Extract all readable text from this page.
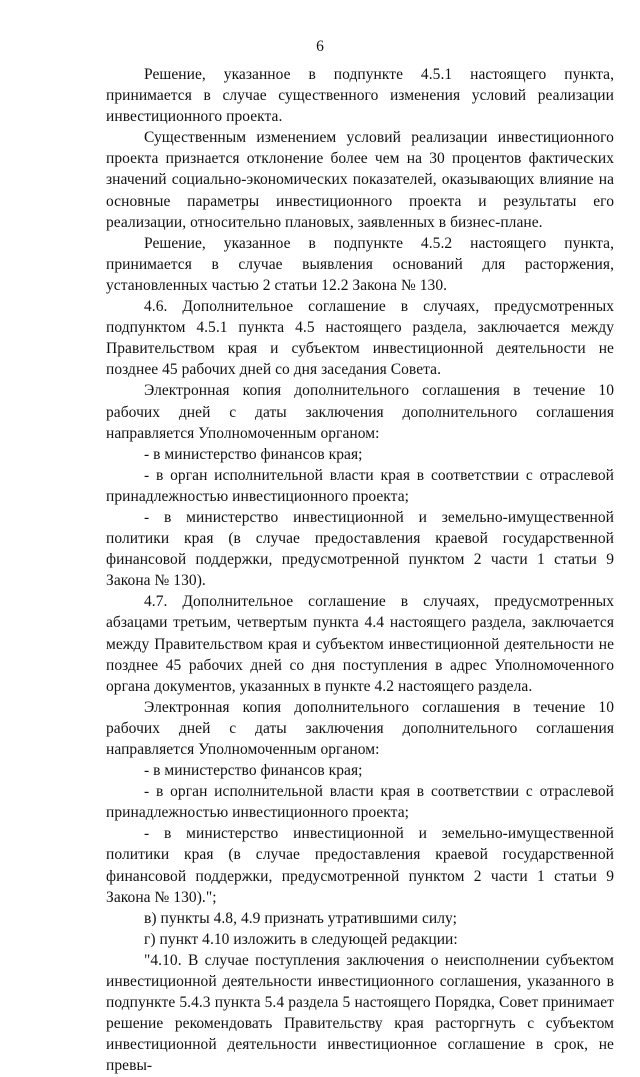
6

Решение, указанное в подпункте 4.5.1 настоящего пункта, принимается в случае существенного изменения условий реализации инвестиционного проекта.

Существенным изменением условий реализации инвестиционного проекта признается отклонение более чем на 30 процентов фактических значений социально-экономических показателей, оказывающих влияние на основные параметры инвестиционного проекта и результаты его реализации, относительно плановых, заявленных в бизнес-плане.

Решение, указанное в подпункте 4.5.2 настоящего пункта, принимается в случае выявления оснований для расторжения, установленных частью 2 статьи 12.2 Закона № 130.

4.6. Дополнительное соглашение в случаях, предусмотренных подпунктом 4.5.1 пункта 4.5 настоящего раздела, заключается между Правительством края и субъектом инвестиционной деятельности не позднее 45 рабочих дней со дня заседания Совета.

Электронная копия дополнительного соглашения в течение 10 рабочих дней с даты заключения дополнительного соглашения направляется Уполномоченным органом:

- в министерство финансов края;

- в орган исполнительной власти края в соответствии с отраслевой принадлежностью инвестиционного проекта;

- в министерство инвестиционной и земельно-имущественной политики края (в случае предоставления краевой государственной финансовой поддержки, предусмотренной пунктом 2 части 1 статьи 9 Закона № 130).

4.7. Дополнительное соглашение в случаях, предусмотренных абзацами третьим, четвертым пункта 4.4 настоящего раздела, заключается между Правительством края и субъектом инвестиционной деятельности не позднее 45 рабочих дней со дня поступления в адрес Уполномоченного органа документов, указанных в пункте 4.2 настоящего раздела.

Электронная копия дополнительного соглашения в течение 10 рабочих дней с даты заключения дополнительного соглашения направляется Уполномоченным органом:

- в министерство финансов края;

- в орган исполнительной власти края в соответствии с отраслевой принадлежностью инвестиционного проекта;

- в министерство инвестиционной и земельно-имущественной политики края (в случае предоставления краевой государственной финансовой поддержки, предусмотренной пунктом 2 части 1 статьи 9 Закона № 130).";

в) пункты 4.8, 4.9 признать утратившими силу;

г) пункт 4.10 изложить в следующей редакции:

"4.10. В случае поступления заключения о неисполнении субъектом инвестиционной деятельности инвестиционного соглашения, указанного в подпункте 5.4.3 пункта 5.4 раздела 5 настоящего Порядка, Совет принимает решение рекомендовать Правительству края расторгнуть с субъектом инвестиционной деятельности инвестиционное соглашение в срок, не превы-
